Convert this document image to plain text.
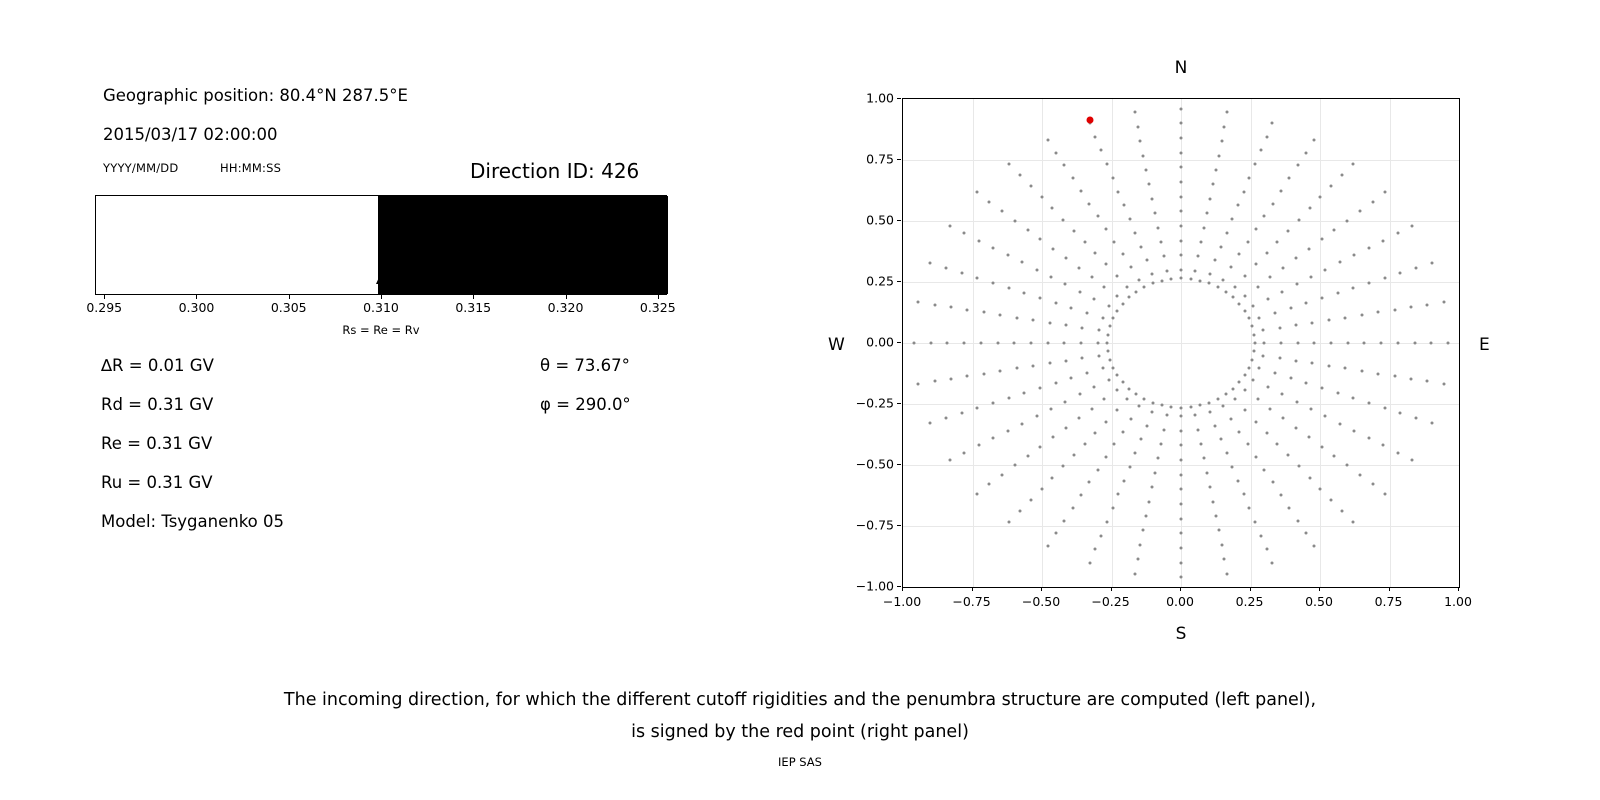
Geographic position: 80.4°N 287.5°E
2015/03/17 02:00:00
YYYY/MM/DD	HH:MM:SS	Direction ID: 426
0.295	0.300	0.305	0.310	0.315	0.320	0.325
Rs = Re = Rv
∆R = 0.01 GV
Rd = 0.31 GV
Re = 0.31 GV
Ru = 0.31 GV
Model: Tsyganenko 05
θ = 73.67°
φ = 290.0°
N
S
W	E
−1.00
−0.75
−0.50
−0.25
0.00
0.25
0.50
0.75
1.00
−1.00 −0.75 −0.50 −0.25	0.00	0.25	0.50	0.75	1.00
The incoming direction, for which the different cutoff rigidities and the penumbra structure are computed (left panel),
is signed by the red point (right panel)
IEP SAS
